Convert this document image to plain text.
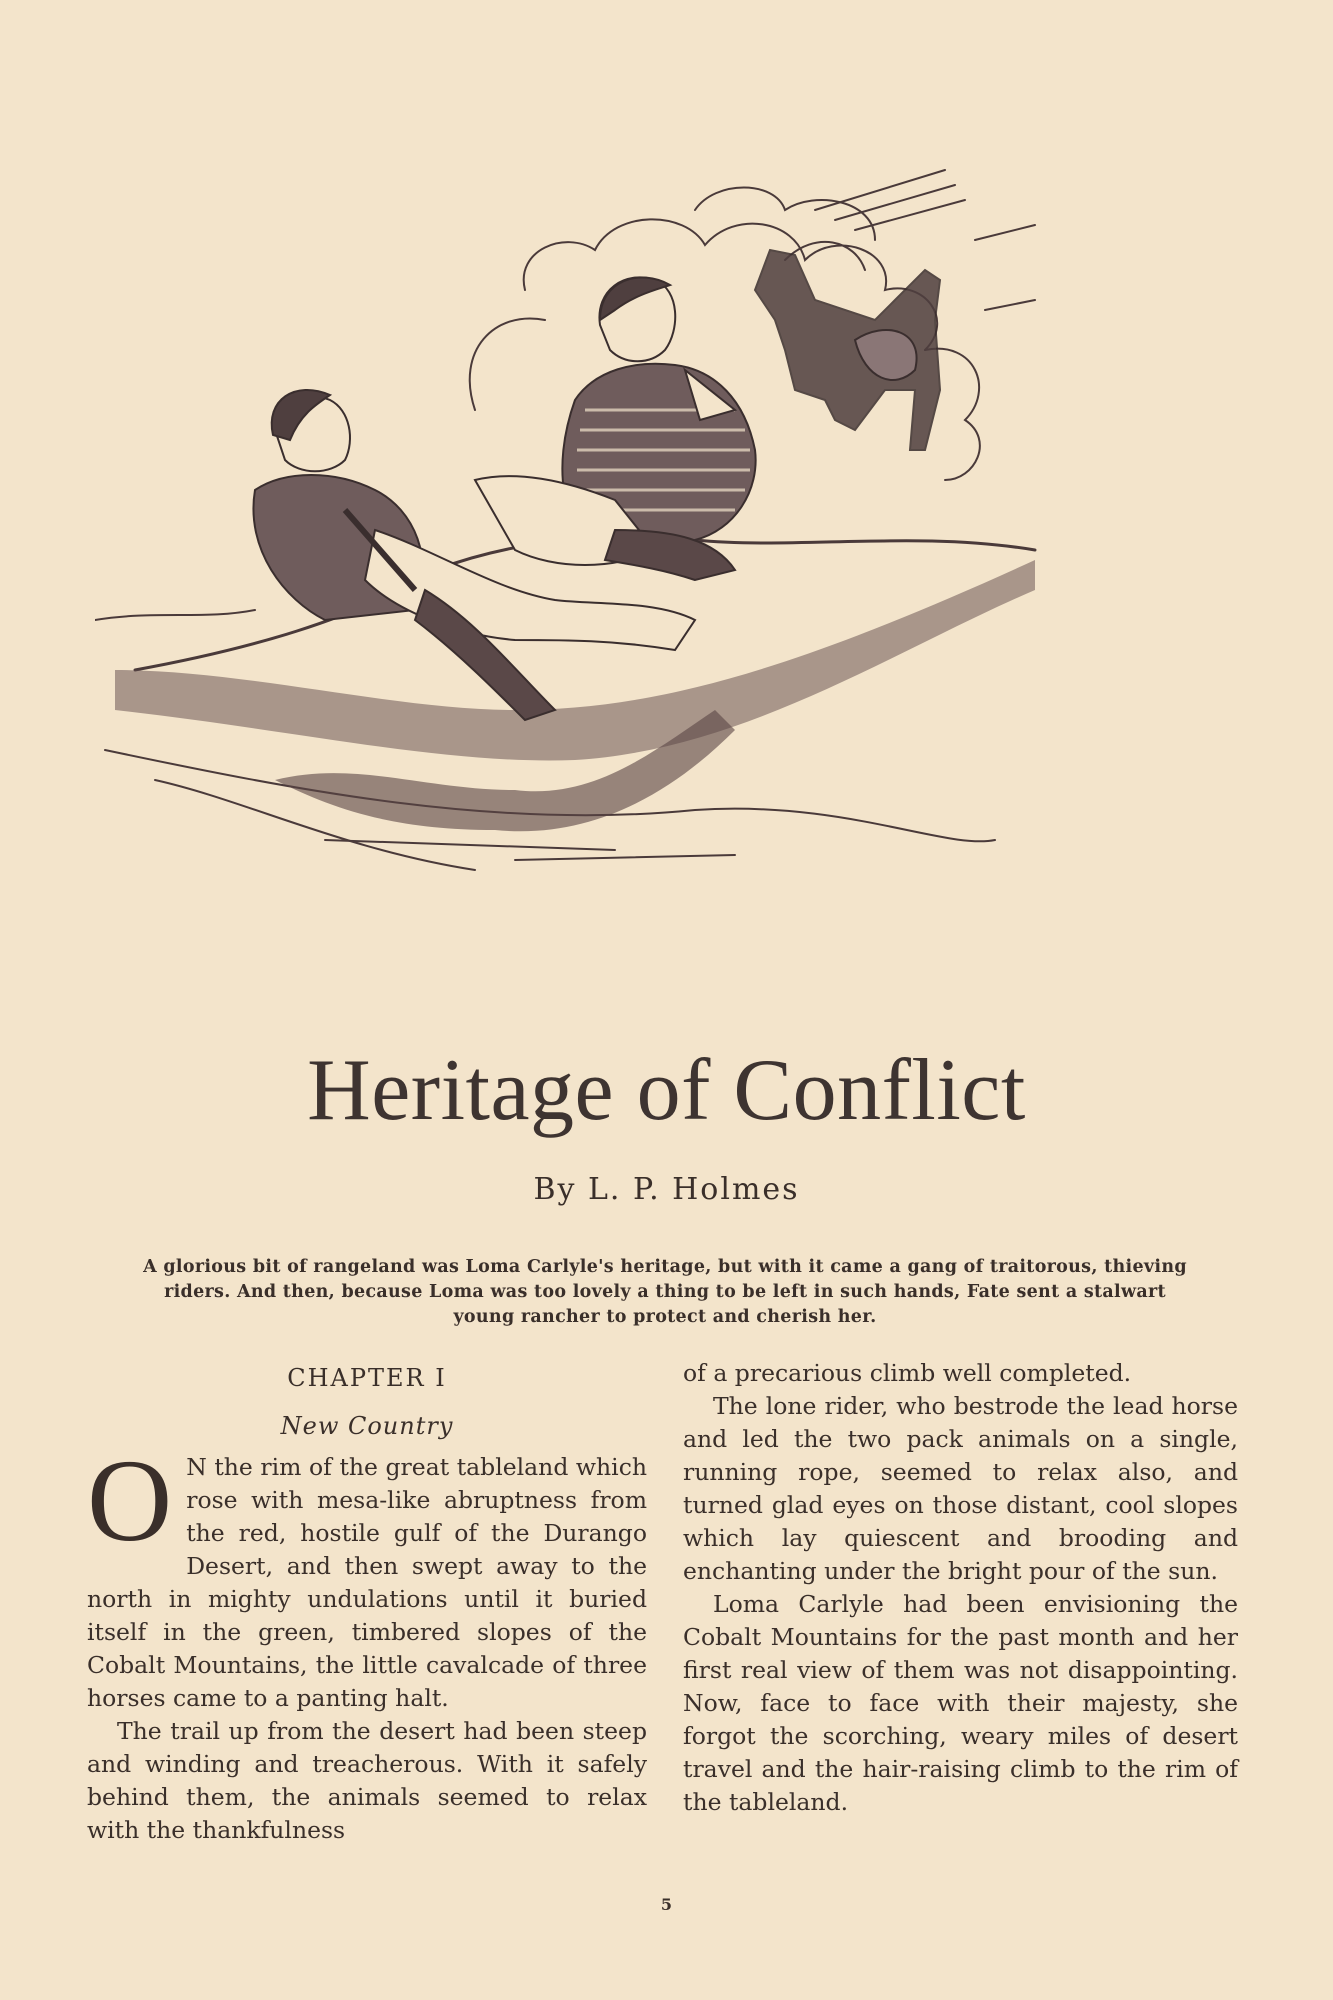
Heritage of Conflict
By L. P. Holmes
A glorious bit of rangeland was Loma Carlyle's heritage, but with it came a gang of traitorous, thieving riders. And then, because Loma was too lovely a thing to be left in such hands, Fate sent a stalwart young rancher to protect and cherish her.
CHAPTER I
New Country

O N the rim of the great tableland which rose with mesa-like abruptness from the red, hostile gulf of the Durango Desert, and then swept away to the north in mighty undulations until it buried itself in the green, timbered slopes of the Cobalt Mountains, the little cavalcade of three horses came to a panting halt.

The trail up from the desert had been steep and winding and treacherous. With it safely behind them, the animals seemed to relax with the thankfulness

of a precarious climb well completed.

The lone rider, who bestrode the lead horse and led the two pack animals on a single, running rope, seemed to relax also, and turned glad eyes on those distant, cool slopes which lay quiescent and brooding and enchanting under the bright pour of the sun.

Loma Carlyle had been envisioning the Cobalt Mountains for the past month and her first real view of them was not disappointing. Now, face to face with their majesty, she forgot the scorching, weary miles of desert travel and the hair-raising climb to the rim of the tableland.

5
